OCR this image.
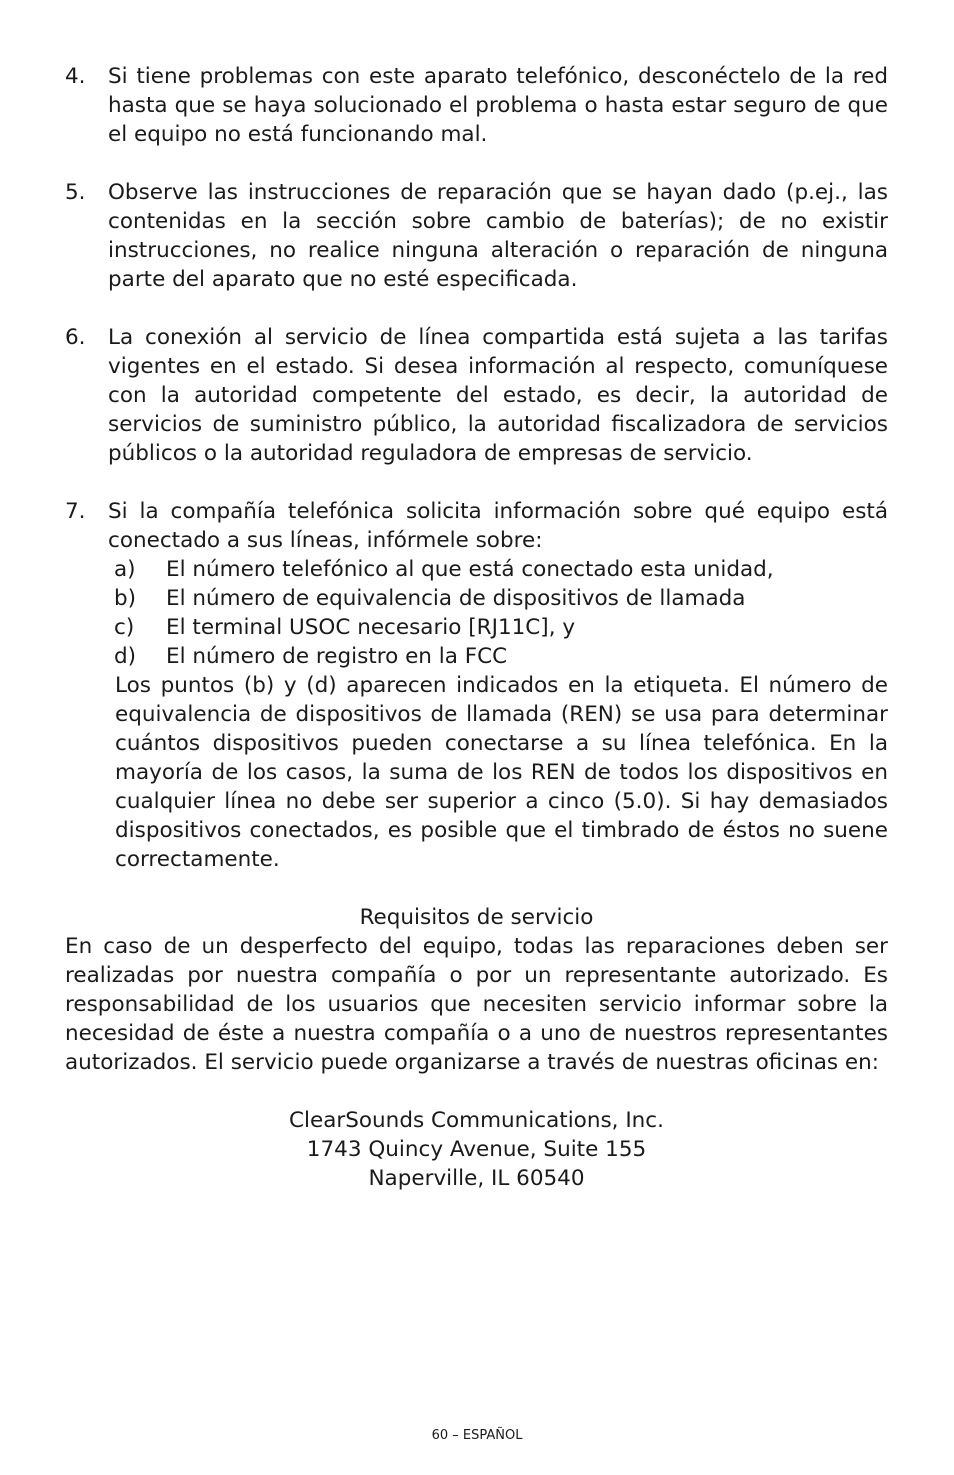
4. Si tiene problemas con este aparato telefónico, desconéctelo de la red hasta que se haya solucionado el problema o hasta estar seguro de que el equipo no está funcionando mal.
5. Observe las instrucciones de reparación que se hayan dado (p.ej., las contenidas en la sección sobre cambio de baterías); de no existir instrucciones, no realice ninguna alteración o reparación de ninguna parte del aparato que no esté especificada.
6. La conexión al servicio de línea compartida está sujeta a las tarifas vigentes en el estado. Si desea información al respecto, comuníquese con la autoridad competente del estado, es decir, la autoridad de servicios de suministro público, la autoridad fiscalizadora de servicios públicos o la autoridad reguladora de empresas de servicio.
7. Si la compañía telefónica solicita información sobre qué equipo está conectado a sus líneas, infórmele sobre:
a) El número telefónico al que está conectado esta unidad,
b) El número de equivalencia de dispositivos de llamada
c) El terminal USOC necesario [RJ11C], y
d) El número de registro en la FCC
Los puntos (b) y (d) aparecen indicados en la etiqueta. El número de equivalencia de dispositivos de llamada (REN) se usa para determinar cuántos dispositivos pueden conectarse a su línea telefónica. En la mayoría de los casos, la suma de los REN de todos los dispositivos en cualquier línea no debe ser superior a cinco (5.0). Si hay demasiados dispositivos conectados, es posible que el timbrado de éstos no suene correctamente.
Requisitos de servicio
En caso de un desperfecto del equipo, todas las reparaciones deben ser realizadas por nuestra compañía o por un representante autorizado. Es responsabilidad de los usuarios que necesiten servicio informar sobre la necesidad de éste a nuestra compañía o a uno de nuestros representantes autorizados. El servicio puede organizarse a través de nuestras oficinas en:
ClearSounds Communications, Inc.
1743 Quincy Avenue, Suite 155
Naperville, IL 60540
60 – ESPAÑOL
